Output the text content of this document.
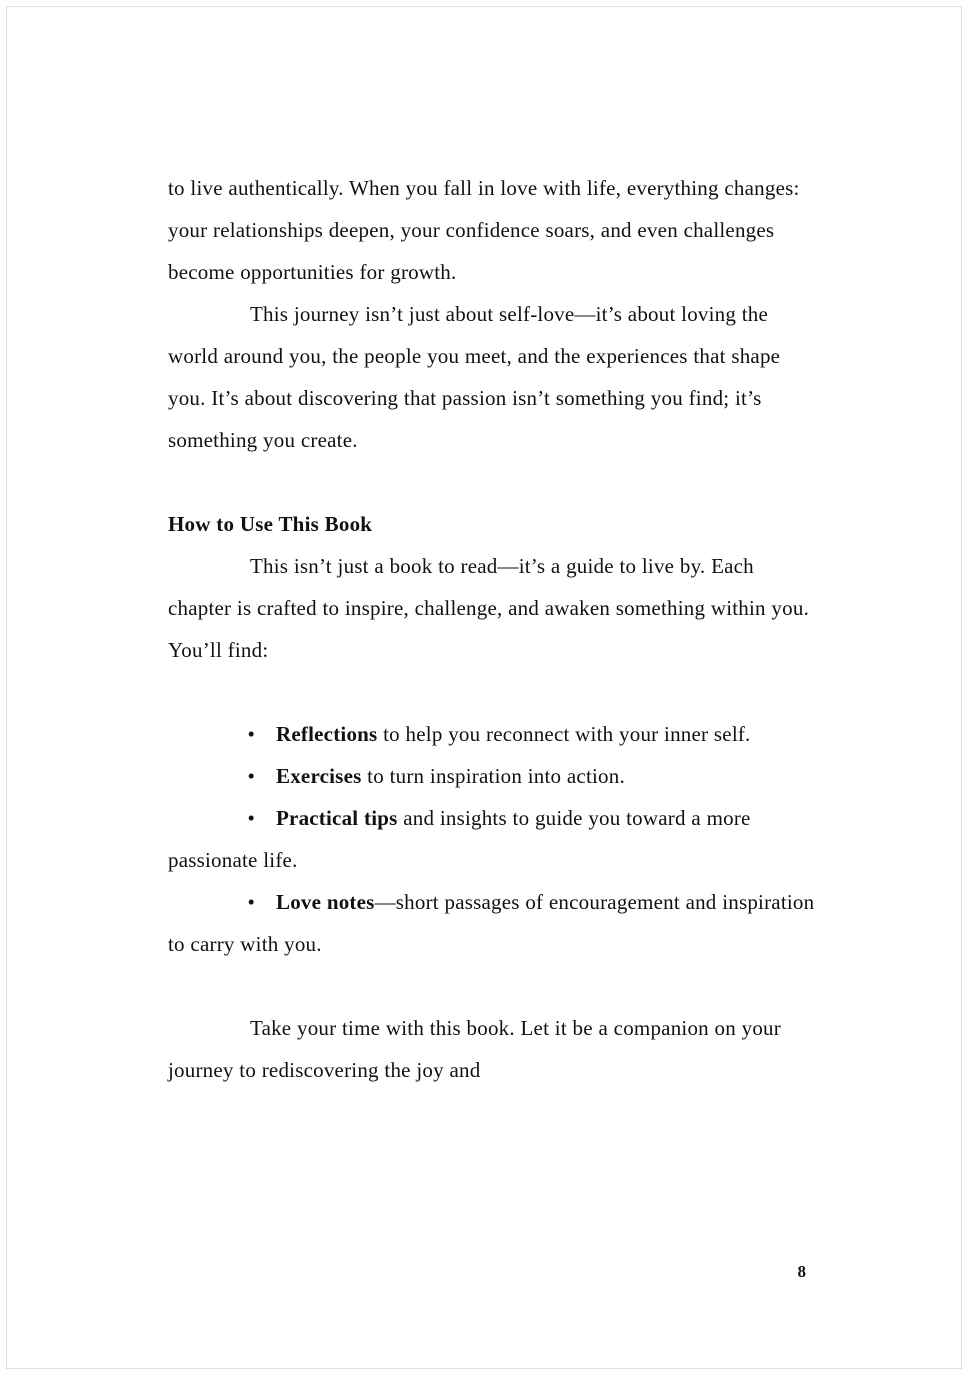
to live authentically. When you fall in love with life, everything changes: your relationships deepen, your confidence soars, and even challenges become opportunities for growth.

This journey isn’t just about self-love—it’s about loving the world around you, the people you meet, and the experiences that shape you. It’s about discovering that passion isn’t something you find; it’s something you create.

How to Use This Book

This isn’t just a book to read—it’s a guide to live by. Each chapter is crafted to inspire, challenge, and awaken something within you. You’ll find:

• Reflections to help you reconnect with your inner self.

• Exercises to turn inspiration into action.

• Practical tips and insights to guide you toward a more passionate life.

• Love notes—short passages of encouragement and inspiration to carry with you.

Take your time with this book. Let it be a companion on your journey to rediscovering the joy and

8
